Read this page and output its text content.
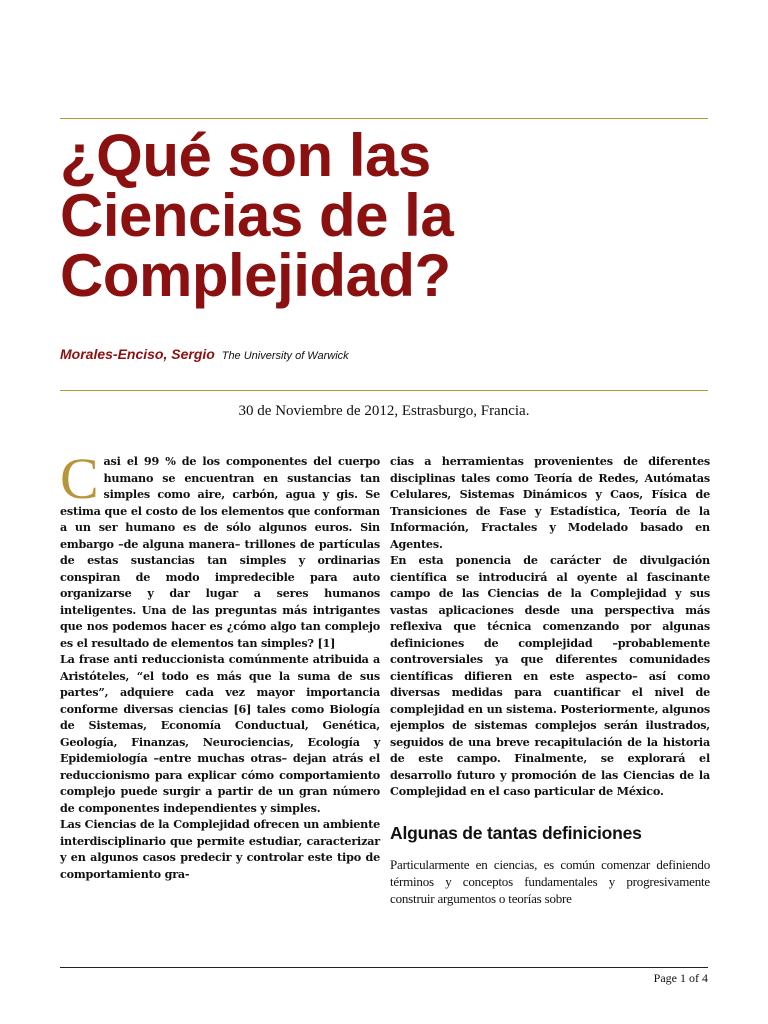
¿Qué son las
Ciencias de la
Complejidad?
Morales-Enciso, Sergio The University of Warwick
30 de Noviembre de 2012, Estrasburgo, Francia.

Casi el 99 % de los componentes del cuerpo humano se encuentran en sustancias tan simples como aire, carbón, agua y gis. Se estima que el costo de los elementos que conforman a un ser humano es de sólo algunos euros. Sin embargo –de alguna manera– trillones de partículas de estas sustancias tan simples y ordinarias conspiran de modo impredecible para auto organizarse y dar lugar a seres humanos inteligentes. Una de las preguntas más intrigantes que nos podemos hacer es ¿cómo algo tan complejo es el resultado de elementos tan simples? [1]

La frase anti reduccionista comúnmente atribuida a Aristóteles, “el todo es más que la suma de sus partes”, adquiere cada vez mayor importancia conforme diversas ciencias [6] tales como Biología de Sistemas, Economía Conductual, Genética, Geología, Finanzas, Neurociencias, Ecología y Epidemiología –entre muchas otras– dejan atrás el reduccionismo para explicar cómo comportamiento complejo puede surgir a partir de un gran número de componentes independientes y simples.

Las Ciencias de la Complejidad ofrecen un ambiente interdisciplinario que permite estudiar, caracterizar y en algunos casos predecir y controlar este tipo de comportamiento gra-

cias a herramientas provenientes de diferentes disciplinas tales como Teoría de Redes, Autómatas Celulares, Sistemas Dinámicos y Caos, Física de Transiciones de Fase y Estadística, Teoría de la Información, Fractales y Modelado basado en Agentes.

En esta ponencia de carácter de divulgación científica se introducirá al oyente al fascinante campo de las Ciencias de la Complejidad y sus vastas aplicaciones desde una perspectiva más reflexiva que técnica comenzando por algunas definiciones de complejidad –probablemente controversiales ya que diferentes comunidades científicas difieren en este aspecto– así como diversas medidas para cuantificar el nivel de complejidad en un sistema. Posteriormente, algunos ejemplos de sistemas complejos serán ilustrados, seguidos de una breve recapitulación de la historia de este campo. Finalmente, se explorará el desarrollo futuro y promoción de las Ciencias de la Complejidad en el caso particular de México.

Algunas de tantas definiciones

Particularmente en ciencias, es común comenzar definiendo términos y conceptos fundamentales y progresivamente construir argumentos o teorías sobre

Page 1 of 4
